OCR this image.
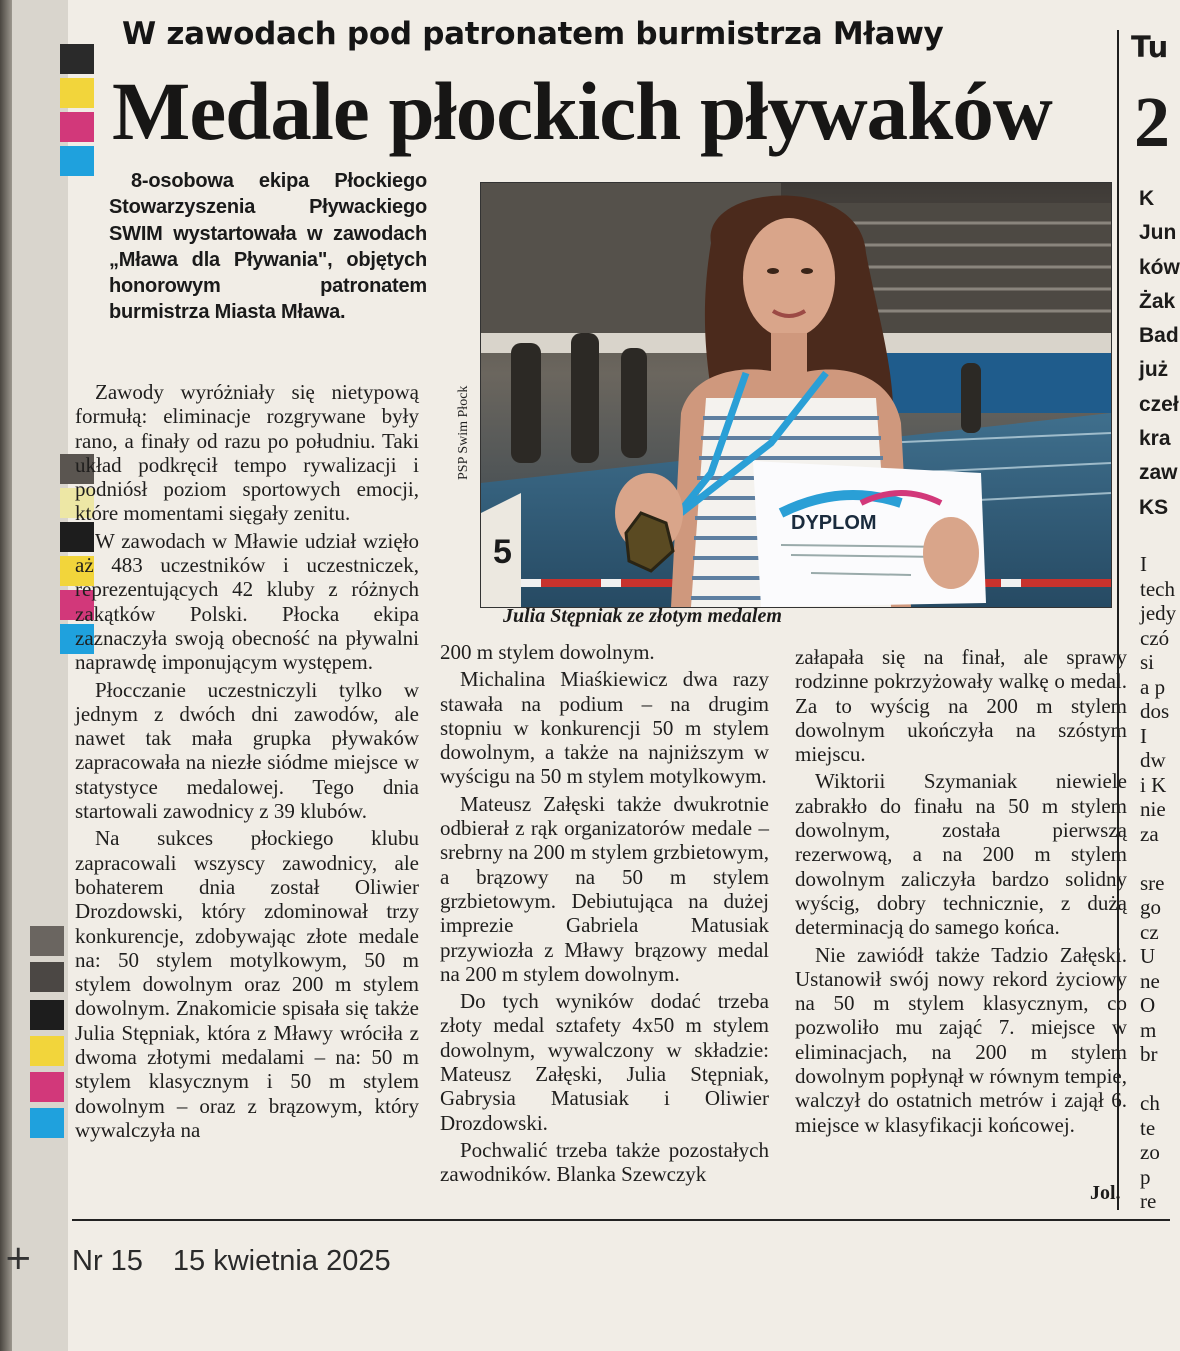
W zawodach pod patronatem burmistrza Mławy
Medale płockich pływaków
Tu
2
K
Jun
ków
Żak
Bad
już
czeł
kra
zaw
KS
I
tech
jedy
czó
si
a p
dos
I
dw
i K
nie
za

sre
go
cz
U
ne
O
m
br

ch
te
zo
p
re
8-osobowa ekipa Płockiego Stowarzyszenia Pływackiego SWIM wystartowała w zawodach „Mława dla Pływania", objętych honorowym patronatem burmistrza Miasta Mława.
DYPLOM
5
PSP Swim Płock
Julia Stępniak ze złotym medalem

Zawody wyróżniały się nietypową formułą: eliminacje rozgrywane były rano, a finały od razu po południu. Taki układ podkręcił tempo rywalizacji i podniósł poziom sportowych emocji, które momentami sięgały zenitu.

W zawodach w Mławie udział wzięło aż 483 uczestników i uczestniczek, reprezentujących 42 kluby z różnych zakątków Polski. Płocka ekipa zaznaczyła swoją obecność na pływalni naprawdę imponującym występem.

Płocczanie uczestniczyli tylko w jednym z dwóch dni zawodów, ale nawet tak mała grupka pływaków zapracowała na niezłe siódme miejsce w statystyce medalowej. Tego dnia startowali zawodnicy z 39 klubów.

Na sukces płockiego klubu zapracowali wszyscy zawodnicy, ale bohaterem dnia został Oliwier Drozdowski, który zdominował trzy konkurencje, zdobywając złote medale na: 50 stylem motylkowym, 50 m stylem dowolnym oraz 200 m stylem dowolnym. Znakomicie spisała się także Julia Stępniak, która z Mławy wróciła z dwoma złotymi medalami – na: 50 m stylem klasycznym i 50 m stylem dowolnym – oraz z brązowym, który wywalczyła na

200 m stylem dowolnym.

Michalina Miaśkiewicz dwa razy stawała na podium – na drugim stopniu w konkurencji 50 m stylem dowolnym, a także na najniższym w wyścigu na 50 m stylem motylkowym.

Mateusz Załęski także dwukrotnie odbierał z rąk organizatorów medale – srebrny na 200 m stylem grzbietowym, a brązowy na 50 m stylem grzbietowym. Debiutująca na dużej imprezie Gabriela Matusiak przywiozła z Mławy brązowy medal na 200 m stylem dowolnym.

Do tych wyników dodać trzeba złoty medal sztafety 4x50 m stylem dowolnym, wywalczony w składzie: Mateusz Załęski, Julia Stępniak, Gabrysia Matusiak i Oliwier Drozdowski.

Pochwalić trzeba także pozostałych zawodników. Blanka Szewczyk

załapała się na finał, ale sprawy rodzinne pokrzyżowały walkę o medal. Za to wyścig na 200 m stylem dowolnym ukończyła na szóstym miejscu.

Wiktorii Szymaniak niewiele zabrakło do finału na 50 m stylem dowolnym, została pierwszą rezerwową, a na 200 m stylem dowolnym zaliczyła bardzo solidny wyścig, dobry technicznie, z dużą determinacją do samego końca.

Nie zawiódł także Tadzio Załęski. Ustanowił swój nowy rekord życiowy na 50 m stylem klasycznym, co pozwoliło mu zająć 7. miejsce w eliminacjach, na 200 m stylem dowolnym popłynął w równym tempie, walczył do ostatnich metrów i zajął 6. miejsce w klasyfikacji końcowej.

Jol.
+ Nr 15 15 kwietnia 2025
